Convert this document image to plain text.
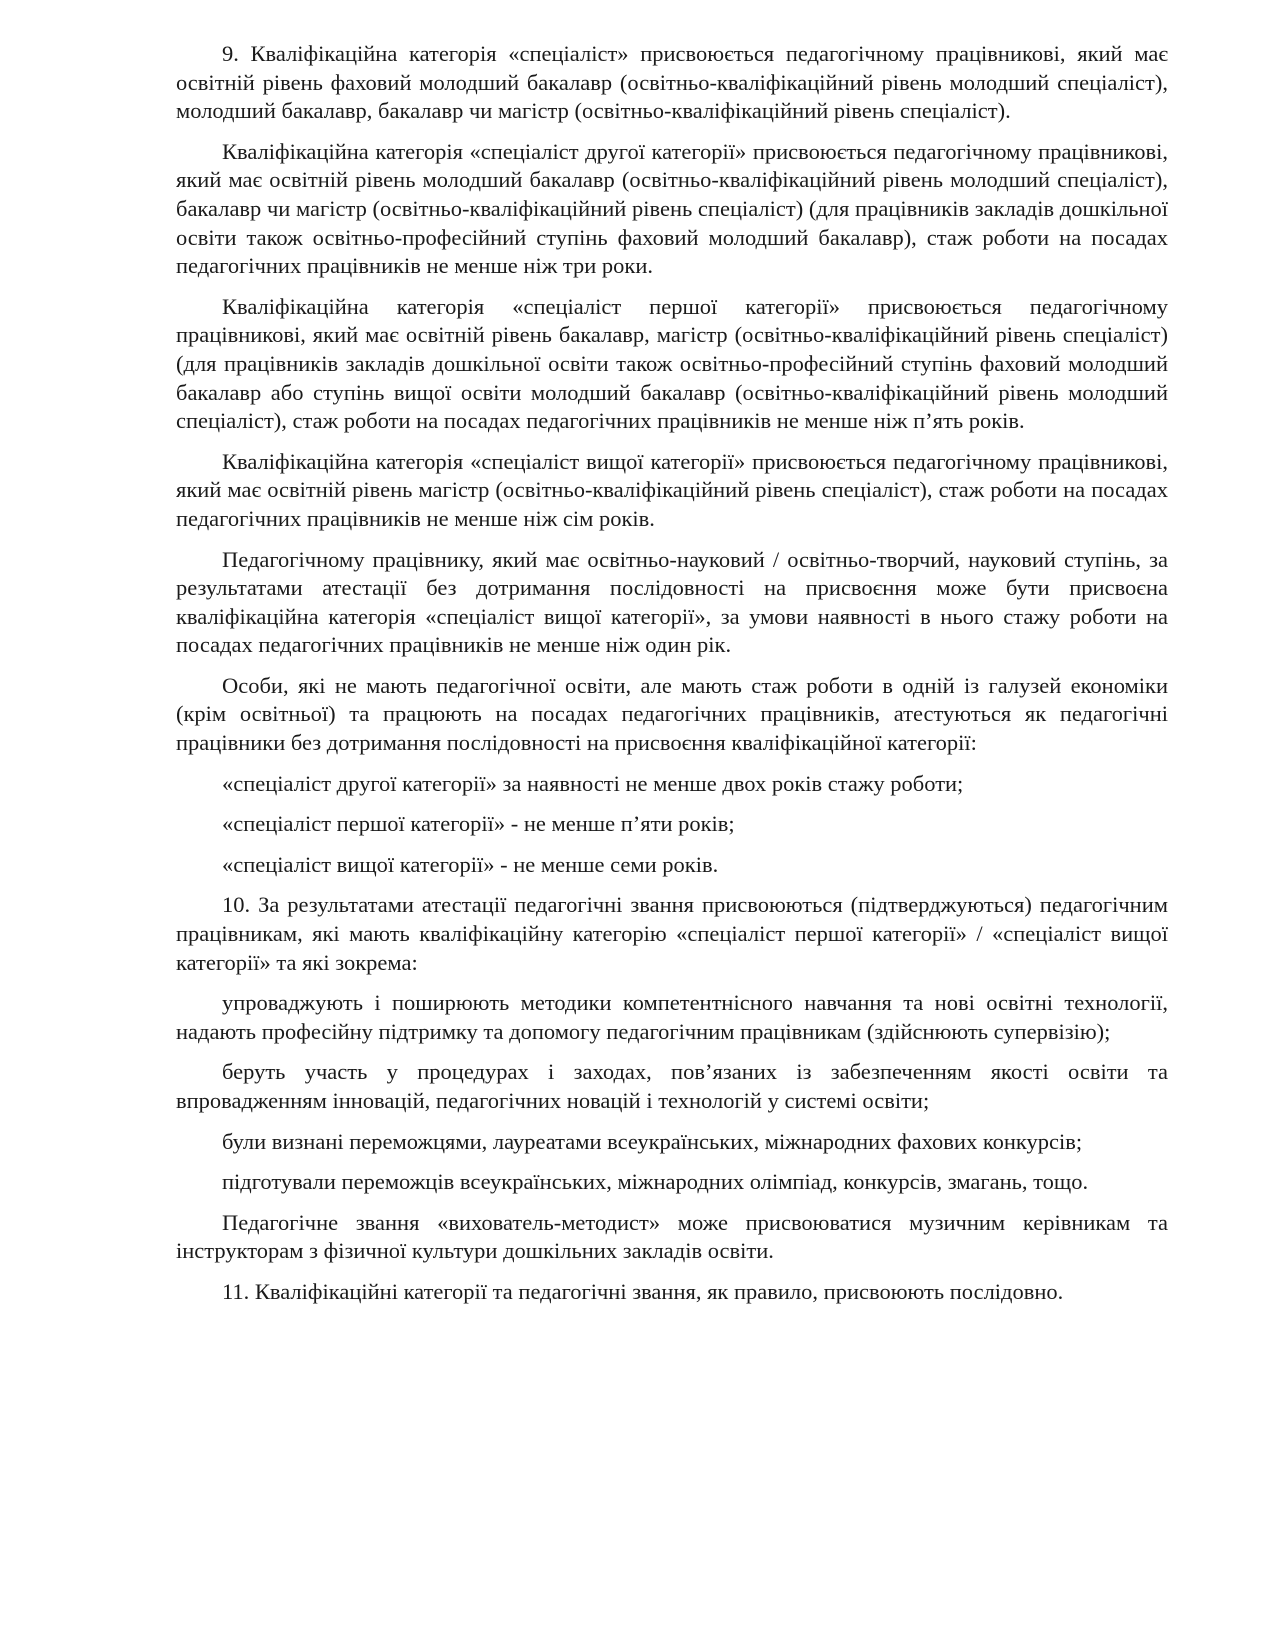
9. Кваліфікаційна категорія «спеціаліст» присвоюється педагогічному працівникові, який має освітній рівень фаховий молодший бакалавр (освітньо-кваліфікаційний рівень молодший спеціаліст), молодший бакалавр, бакалавр чи магістр (освітньо-кваліфікаційний рівень спеціаліст).

Кваліфікаційна категорія «спеціаліст другої категорії» присвоюється педагогічному працівникові, який має освітній рівень молодший бакалавр (освітньо-кваліфікаційний рівень молодший спеціаліст), бакалавр чи магістр (освітньо-кваліфікаційний рівень спеціаліст) (для працівників закладів дошкільної освіти також освітньо-професійний ступінь фаховий молодший бакалавр), стаж роботи на посадах педагогічних працівників не менше ніж три роки.

Кваліфікаційна категорія «спеціаліст першої категорії» присвоюється педагогічному працівникові, який має освітній рівень бакалавр, магістр (освітньо-кваліфікаційний рівень спеціаліст) (для працівників закладів дошкільної освіти також освітньо-професійний ступінь фаховий молодший бакалавр або ступінь вищої освіти молодший бакалавр (освітньо-кваліфікаційний рівень молодший спеціаліст), стаж роботи на посадах педагогічних працівників не менше ніж п’ять років.

Кваліфікаційна категорія «спеціаліст вищої категорії» присвоюється педагогічному працівникові, який має освітній рівень магістр (освітньо-кваліфікаційний рівень спеціаліст), стаж роботи на посадах педагогічних працівників не менше ніж сім років.

Педагогічному працівнику, який має освітньо-науковий / освітньо-творчий, науковий ступінь, за результатами атестації без дотримання послідовності на присвоєння може бути присвоєна кваліфікаційна категорія «спеціаліст вищої категорії», за умови наявності в нього стажу роботи на посадах педагогічних працівників не менше ніж один рік.

Особи, які не мають педагогічної освіти, але мають стаж роботи в одній із галузей економіки (крім освітньої) та працюють на посадах педагогічних працівників, атестуються як педагогічні працівники без дотримання послідовності на присвоєння кваліфікаційної категорії:

«спеціаліст другої категорії» за наявності не менше двох років стажу роботи;

«спеціаліст першої категорії» - не менше п’яти років;

«спеціаліст вищої категорії» - не менше семи років.

10. За результатами атестації педагогічні звання присвоюються (підтверджуються) педагогічним працівникам, які мають кваліфікаційну категорію «спеціаліст першої категорії» / «спеціаліст вищої категорії» та які зокрема:

упроваджують і поширюють методики компетентнісного навчання та нові освітні технології, надають професійну підтримку та допомогу педагогічним працівникам (здійснюють супервізію);

беруть участь у процедурах і заходах, пов’язаних із забезпеченням якості освіти та впровадженням інновацій, педагогічних новацій і технологій у системі освіти;

були визнані переможцями, лауреатами всеукраїнських, міжнародних фахових конкурсів;

підготували переможців всеукраїнських, міжнародних олімпіад, конкурсів, змагань, тощо.

Педагогічне звання «вихователь-методист» може присвоюватися музичним керівникам та інструкторам з фізичної культури дошкільних закладів освіти.

11. Кваліфікаційні категорії та педагогічні звання, як правило, присвоюють послідовно.
